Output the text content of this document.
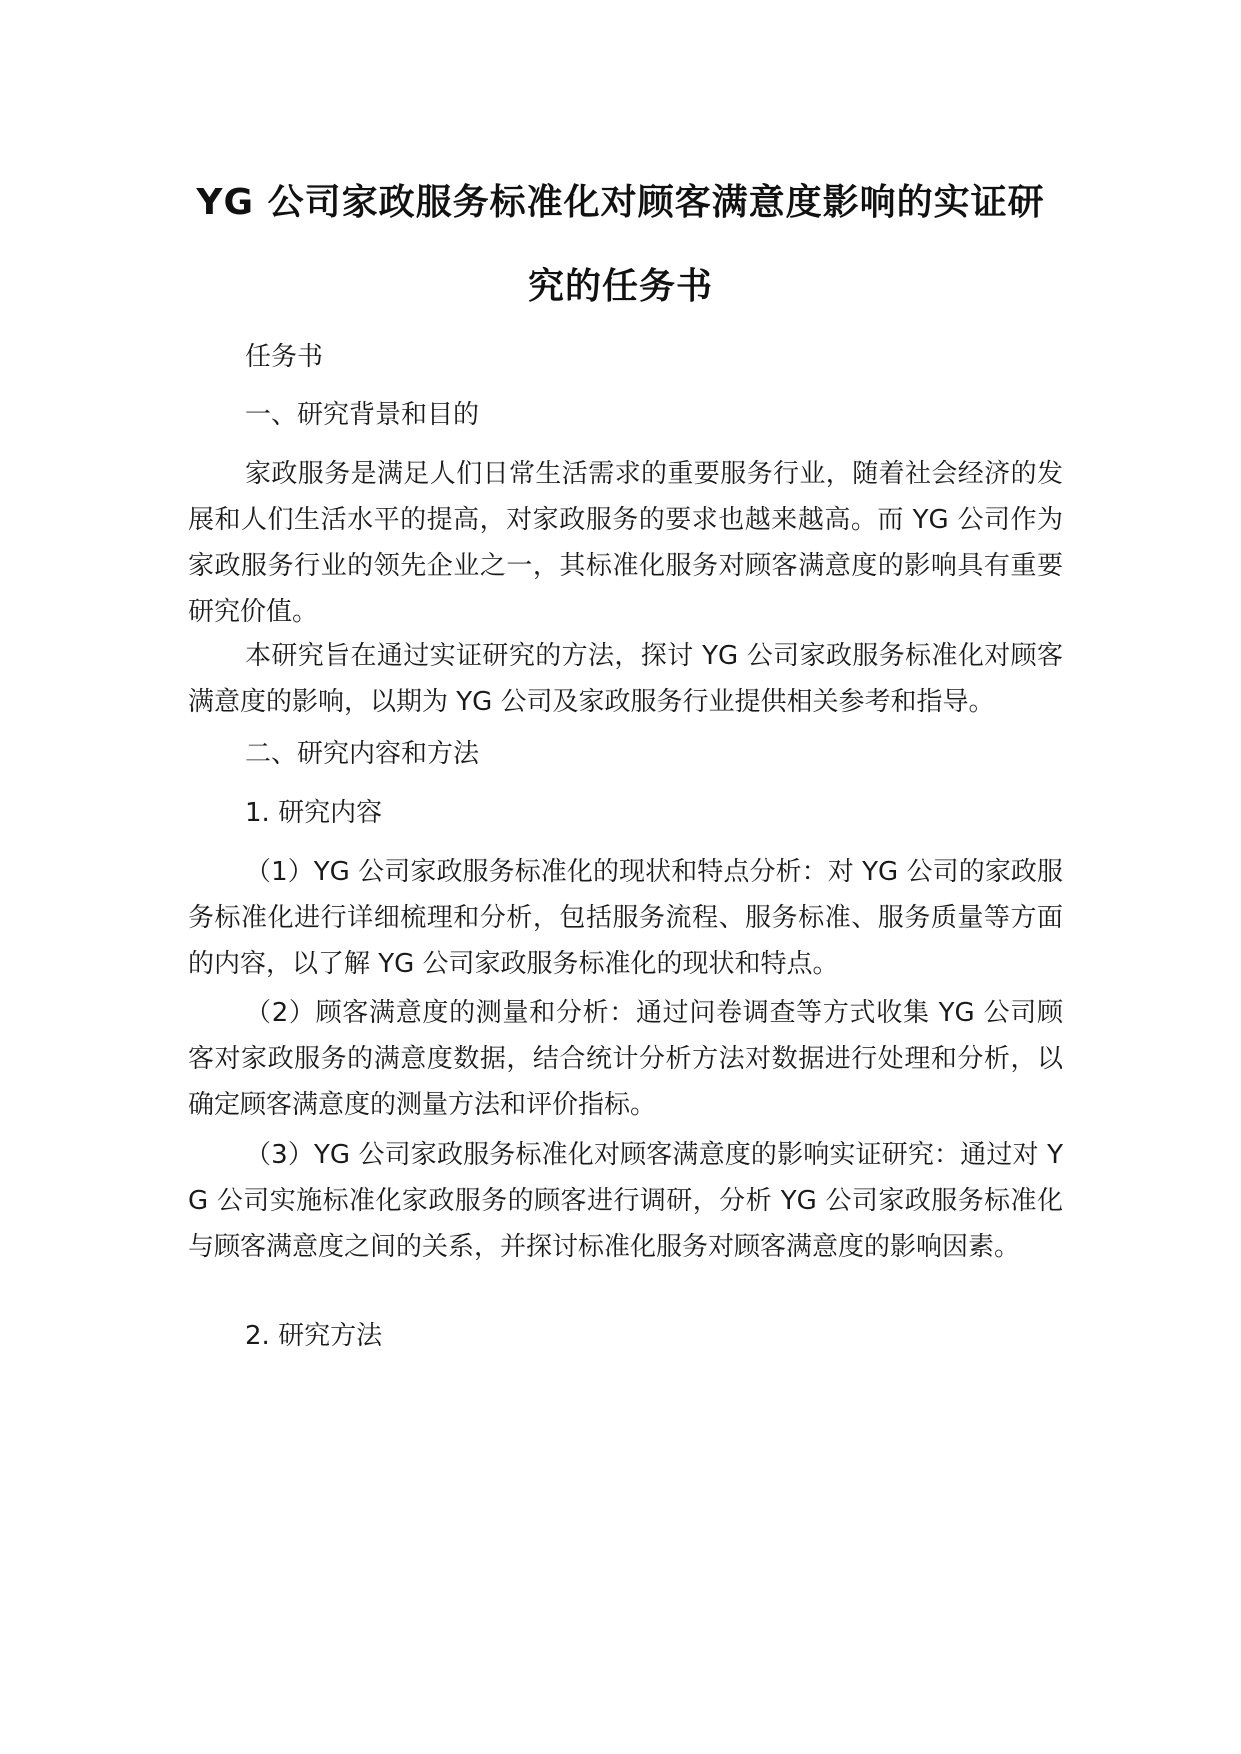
YG 公司家政服务标准化对顾客满意度影响的实证研
究的任务书
任务书
一、研究背景和目的
家政服务是满足人们日常生活需求的重要服务行业，随着社会经济的发展和人们生活水平的提高，对家政服务的要求也越来越高。而 YG 公司作为家政服务行业的领先企业之一，其标准化服务对顾客满意度的影响具有重要研究价值。
本研究旨在通过实证研究的方法，探讨 YG 公司家政服务标准化对顾客满意度的影响，以期为 YG 公司及家政服务行业提供相关参考和指导。
二、研究内容和方法
1. 研究内容
（1）YG 公司家政服务标准化的现状和特点分析：对 YG 公司的家政服务标准化进行详细梳理和分析，包括服务流程、服务标准、服务质量等方面的内容，以了解 YG 公司家政服务标准化的现状和特点。
（2）顾客满意度的测量和分析：通过问卷调查等方式收集 YG 公司顾客对家政服务的满意度数据，结合统计分析方法对数据进行处理和分析，以确定顾客满意度的测量方法和评价指标。
（3）YG 公司家政服务标准化对顾客满意度的影响实证研究：通过对 YG 公司实施标准化家政服务的顾客进行调研，分析 YG 公司家政服务标准化与顾客满意度之间的关系，并探讨标准化服务对顾客满意度的影响因素。
2. 研究方法
